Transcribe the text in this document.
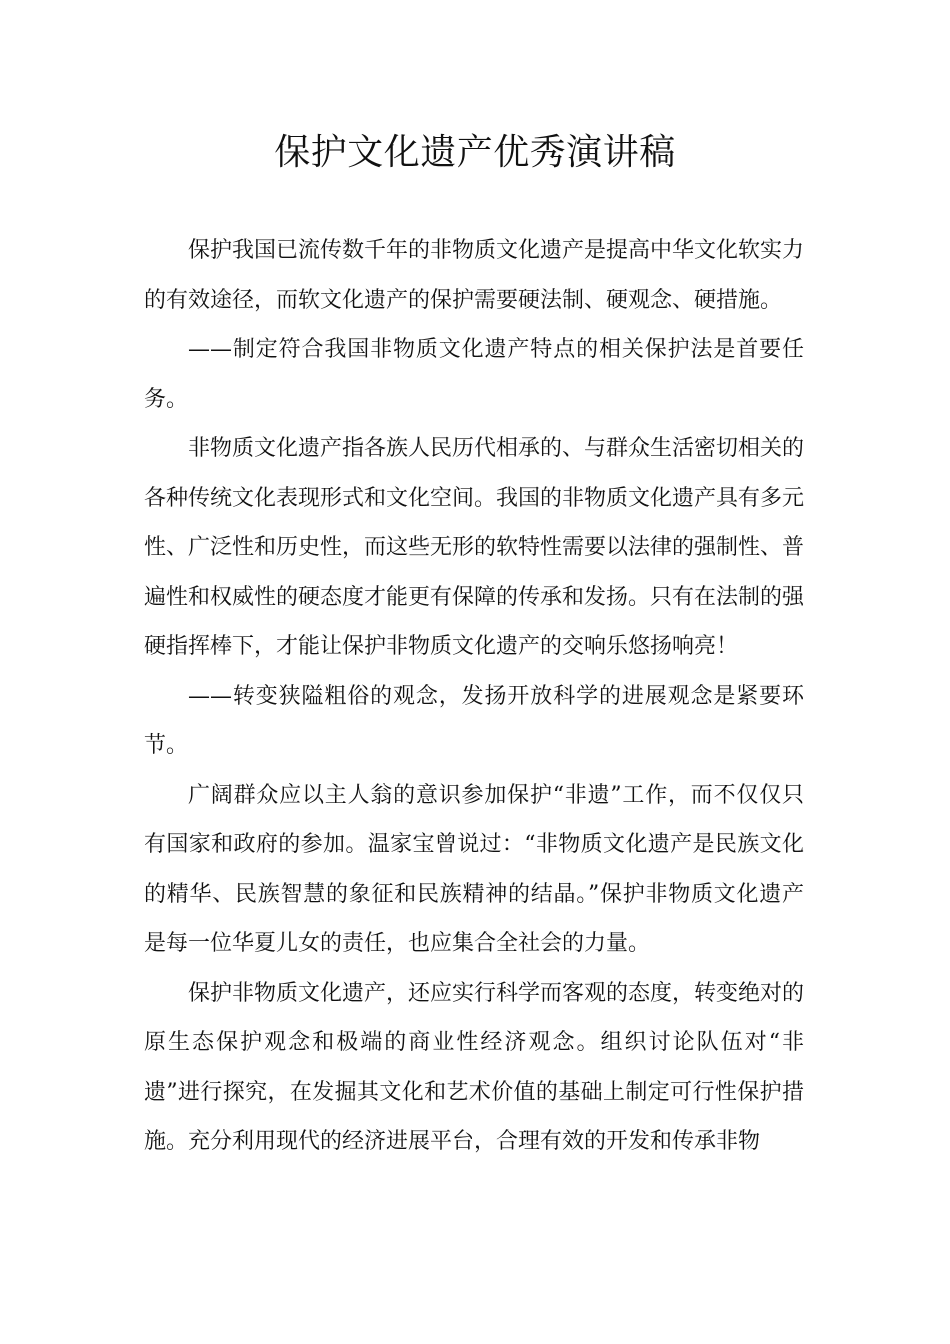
保护文化遗产优秀演讲稿

保护我国已流传数千年的非物质文化遗产是提高中华文化软实力的有效途径，而软文化遗产的保护需要硬法制、硬观念、硬措施。

——制定符合我国非物质文化遗产特点的相关保护法是首要任务。

非物质文化遗产指各族人民历代相承的、与群众生活密切相关的各种传统文化表现形式和文化空间。我国的非物质文化遗产具有多元性、广泛性和历史性，而这些无形的软特性需要以法律的强制性、普遍性和权威性的硬态度才能更有保障的传承和发扬。只有在法制的强硬指挥棒下，才能让保护非物质文化遗产的交响乐悠扬响亮！

——转变狭隘粗俗的观念，发扬开放科学的进展观念是紧要环节。

广阔群众应以主人翁的意识参加保护“非遗”工作，而不仅仅只有国家和政府的参加。温家宝曾说过：“非物质文化遗产是民族文化的精华、民族智慧的象征和民族精神的结晶。”保护非物质文化遗产是每一位华夏儿女的责任，也应集合全社会的力量。

保护非物质文化遗产，还应实行科学而客观的态度，转变绝对的原生态保护观念和极端的商业性经济观念。组织讨论队伍对“非遗”进行探究，在发掘其文化和艺术价值的基础上制定可行性保护措施。充分利用现代的经济进展平台，合理有效的开发和传承非物
